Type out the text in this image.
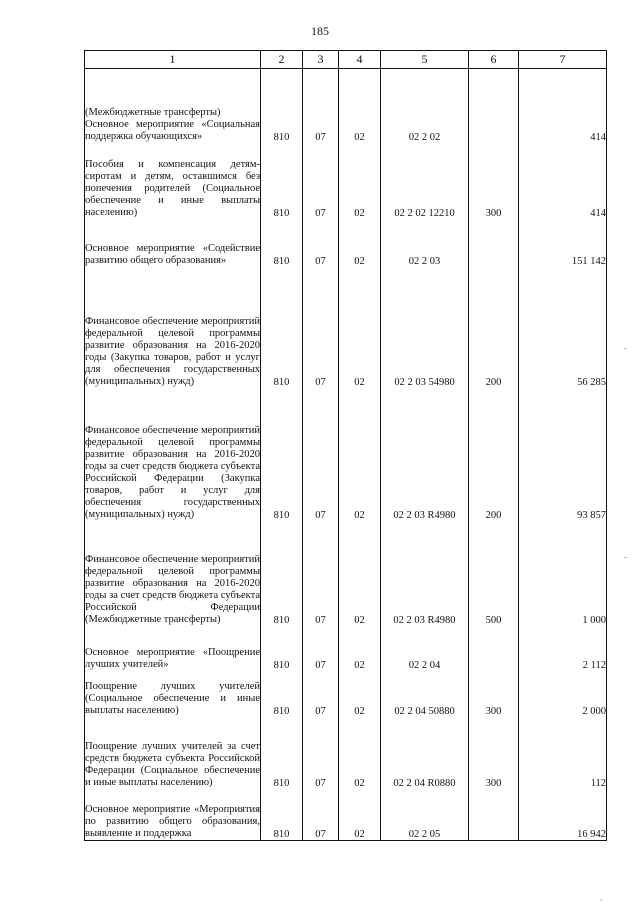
185
1	2	3	4	5	6	7
(Межбюджетные трансферты)
Основное мероприятие «Социальная поддержка обучающихся»	810	07	02	02 2 02		414
Пособия и компенсация детям-сиротам и детям, оставшимся без попечения родителей (Социальное обеспечение и иные выплаты населению)	810	07	02	02 2 02 12210	300	414
Основное мероприятие «Содействие развитию общего образования»	810	07	02	02 2 03		151 142
Финансовое обеспечение мероприятий федеральной целевой программы развитие образования на 2016-2020 годы (Закупка товаров, работ и услуг для обеспечения государственных (муниципальных) нужд)	810	07	02	02 2 03 54980	200	56 285
Финансовое обеспечение мероприятий федеральной целевой программы развитие образования на 2016-2020 годы за счет средств бюджета субъекта Российской Федерации (Закупка товаров, работ и услуг для обеспечения государственных (муниципальных) нужд)	810	07	02	02 2 03 R4980	200	93 857
Финансовое обеспечение мероприятий федеральной целевой программы развитие образования на 2016-2020 годы за счет средств бюджета субъекта Российской Федерации (Межбюджетные трансферты)	810	07	02	02 2 03 R4980	500	1 000
Основное мероприятие «Поощрение лучших учителей»	810	07	02	02 2 04		2 112
Поощрение лучших учителей (Социальное обеспечение и иные выплаты населению)	810	07	02	02 2 04 50880	300	2 000
Поощрение лучших учителей за счет средств бюджета субъекта Российской Федерации (Социальное обеспечение и иные выплаты населению)	810	07	02	02 2 04 R0880	300	112
Основное мероприятие «Мероприятия по развитию общего образования, выявление и поддержка	810	07	02	02 2 05		16 942
-
-
,
